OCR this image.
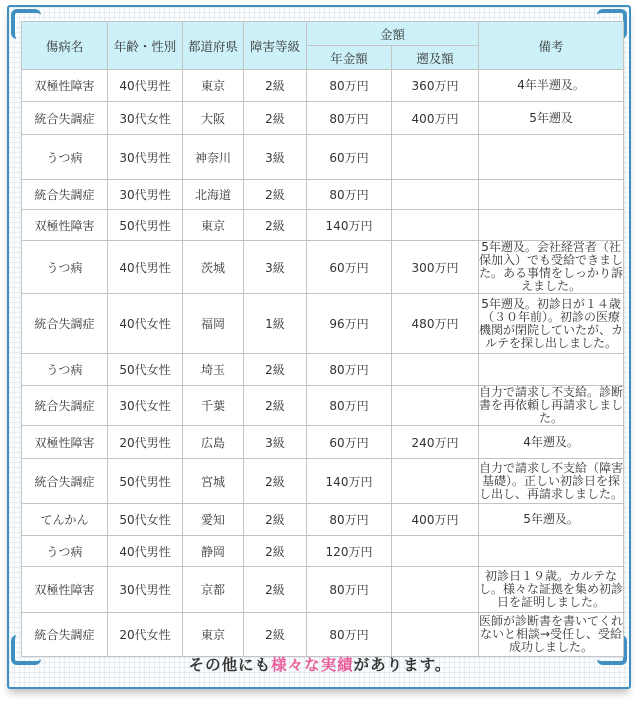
傷病名	年齢・性別	都道府県	障害等級	金額		備考
				年金額	遡及額	
双極性障害	40代男性	東京	2級	80万円	360万円	4年半遡及。
統合失調症	30代女性	大阪	2級	80万円	400万円	5年遡及
うつ病	30代男性	神奈川	3級	60万円		
統合失調症	30代男性	北海道	2級	80万円		
双極性障害	50代男性	東京	2級	140万円		
うつ病	40代男性	茨城	3級	60万円	300万円	5年遡及。会社経営者（社保加入）でも受給できました。ある事情をしっかり訴えました。
統合失調症	40代女性	福岡	1級	96万円	480万円	5年遡及。初診日が１４歳（３０年前）。初診の医療機関が閉院していたが、カルテを探し出しました。
うつ病	50代女性	埼玉	2級	80万円		
統合失調症	30代女性	千葉	2級	80万円		自力で請求し不支給。診断書を再依頼し再請求しました。
双極性障害	20代男性	広島	3級	60万円	240万円	4年遡及。
統合失調症	50代男性	宮城	2級	140万円		自力で請求し不支給（障害基礎）。正しい初診日を探し出し、再請求しました。
てんかん	50代女性	愛知	2級	80万円	400万円	5年遡及。
うつ病	40代男性	静岡	2級	120万円		
双極性障害	30代男性	京都	2級	80万円		初診日１９歳。カルテなし。様々な証拠を集め初診日を証明しました。
統合失調症	20代女性	東京	2級	80万円		医師が診断書を書いてくれないと相談→受任し、受給成功しました。
その他にも様々な実績があります。
